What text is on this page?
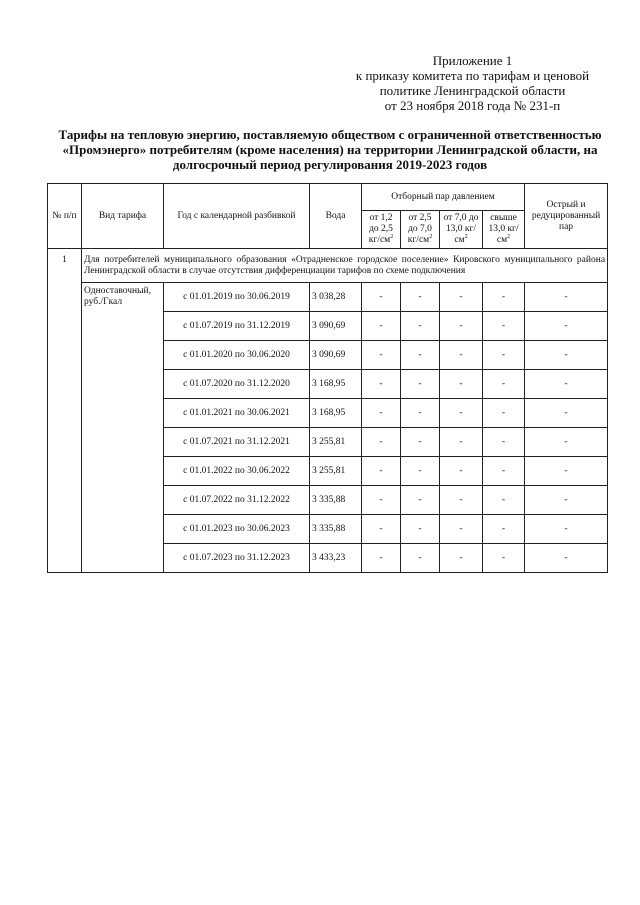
Приложение 1
к приказу комитета по тарифам и ценовой
политике Ленинградской области
от 23 ноября 2018 года № 231-п
Тарифы на тепловую энергию, поставляемую обществом с ограниченной ответственностью
«Промэнерго» потребителям (кроме населения) на территории Ленинградской области, на
долгосрочный период регулирования 2019-2023 годов
№ п/п	Вид тарифа	Год с календарной разбивкой	Вода	Отборный пар давлением				Острый и редуцированный пар
				от 1,2 до 2,5 $кг/см^2$	от 2,5 до 7,0 $кг/см^2$	от 7,0 до 13,0 $кг/см^2$	свыше 13,0 $кг/см^2$
1	Для потребителей муниципального образования «Отрадненское городское поселение» Кировского муниципального района Ленинградской области в случае отсутствия дифференциации тарифов по схеме подключения							
	Одноставочный, руб./Гкал	с 01.01.2019 по 30.06.2019	3 038,28	-	-	-	-	-
		с 01.07.2019 по 31.12.2019	3 090,69	-	-	-	-	-
		с 01.01.2020 по 30.06.2020	3 090,69	-	-	-	-	-
		с 01.07.2020 по 31.12.2020	3 168,95	-	-	-	-	-
		с 01.01.2021 по 30.06.2021	3 168,95	-	-	-	-	-
		с 01.07.2021 по 31.12.2021	3 255,81	-	-	-	-	-
		с 01.01.2022 по 30.06.2022	3 255,81	-	-	-	-	-
		с 01.07.2022 по 31.12.2022	3 335,88	-	-	-	-	-
		с 01.01.2023 по 30.06.2023	3 335,88	-	-	-	-	-
		с 01.07.2023 по 31.12.2023	3 433,23	-	-	-	-	-
